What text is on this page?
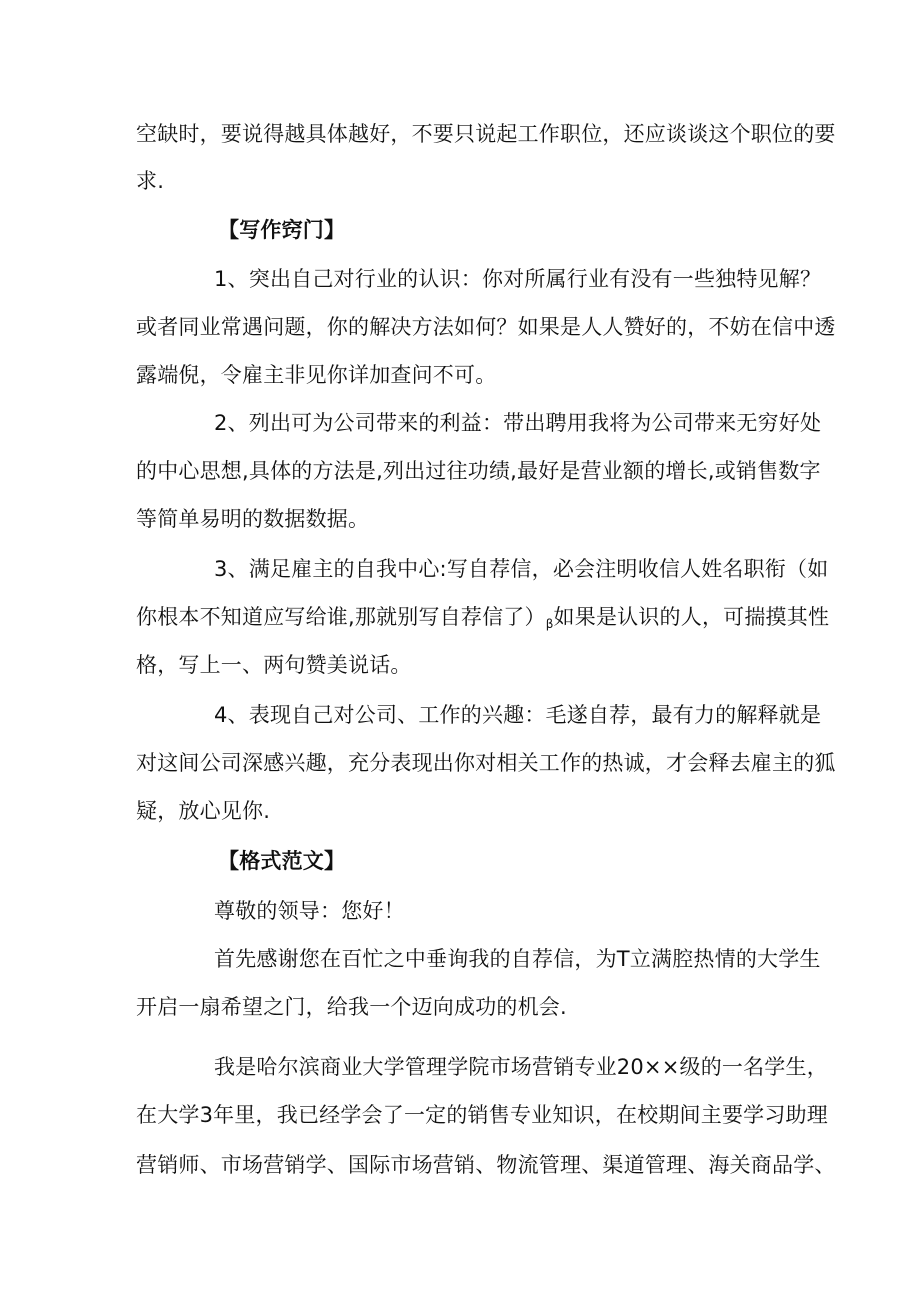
空缺时，要说得越具体越好，不要只说起工作职位，还应谈谈这个职位的要
求.
【写作窍门】
1、突出自己对行业的认识：你对所属行业有没有一些独特见解？
或者同业常遇问题，你的解决方法如何？如果是人人赞好的，不妨在信中透
露端倪，令雇主非见你详加查问不可。
2、列出可为公司带来的利益：带出聘用我将为公司带来无穷好处
的中心思想,具体的方法是,列出过往功绩,最好是营业额的增长,或销售数字
等简单易明的数据数据。
3、满足雇主的自我中心:写自荐信，必会注明收信人姓名职衔（如
你根本不知道应写给谁,那就别写自荐信了）β如果是认识的人，可揣摸其性
格，写上一、两句赞美说话。
4、表现自己对公司、工作的兴趣：毛遂自荐，最有力的解释就是
对这间公司深感兴趣，充分表现出你对相关工作的热诚，才会释去雇主的狐
疑，放心见你.
【格式范文】
尊敬的领导：您好！
首先感谢您在百忙之中垂询我的自荐信，为T立满腔热情的大学生
开启一扇希望之门，给我一个迈向成功的机会.
我是哈尔滨商业大学管理学院市场营销专业20××级的一名学生，
在大学3年里，我已经学会了一定的销售专业知识，在校期间主要学习助理
营销师、市场营销学、国际市场营销、物流管理、渠道管理、海关商品学、
